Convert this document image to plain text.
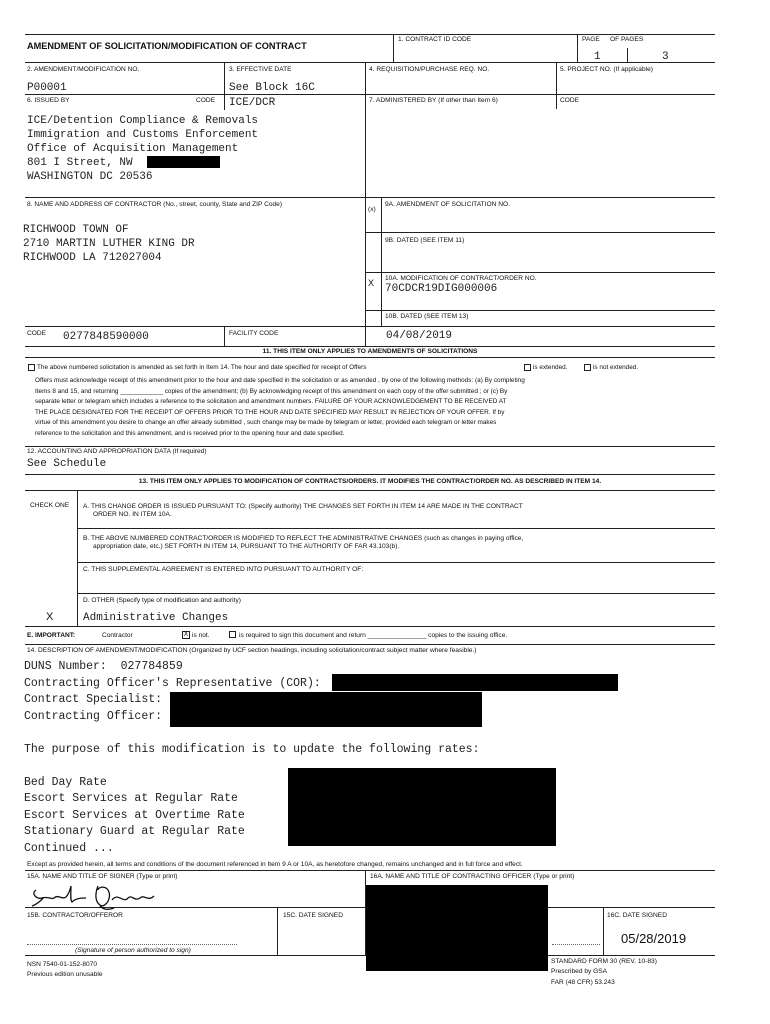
AMENDMENT OF SOLICITATION/MODIFICATION OF CONTRACT
1. CONTRACT ID CODE	PAGE OF PAGES
1	3
2. AMENDMENT/MODIFICATION NO.
P00001
3. EFFECTIVE DATE
See Block 16C
4. REQUISITION/PURCHASE REQ. NO.	5. PROJECT NO. (If applicable)
6. ISSUED BY	CODE ICE/DCR
ICE/Detention Compliance & Removals
Immigration and Customs Enforcement
Office of Acquisition Management
801 I Street, NW
WASHINGTON DC 20536
7. ADMINISTERED BY (If other than Item 6)	CODE
8. NAME AND ADDRESS OF CONTRACTOR (No., street, county, State and ZIP Code)
RICHWOOD TOWN OF
2710 MARTIN LUTHER KING DR
RICHWOOD LA 712027004
CODE 0277848590000	FACILITY CODE
(x)
9A. AMENDMENT OF SOLICITATION NO.
9B. DATED (SEE ITEM 11)
X 10A. MODIFICATION OF CONTRACT/ORDER NO.
70CDCR19DIG000006
10B. DATED (SEE ITEM 13)
04/08/2019
11. THIS ITEM ONLY APPLIES TO AMENDMENTS OF SOLICITATIONS
The above numbered solicitation is amended as set forth in Item 14. The hour and date specified for receipt of Offers	is extended.	is not extended.
Offers must acknowledge receipt of this amendment prior to the hour and date specified in the solicitation or as amended , by one of the following methods: (a) By completing
Items 8 and 15, and returning ____________ copies of the amendment; (b) By acknowledging receipt of this amendment on each copy of the offer submitted ; or (c) By
separate letter or telegram which includes a reference to the solicitation and amendment numbers. FAILURE OF YOUR ACKNOWLEDGEMENT TO BE RECEIVED AT
THE PLACE DESIGNATED FOR THE RECEIPT OF OFFERS PRIOR TO THE HOUR AND DATE SPECIFIED MAY RESULT IN REJECTION OF YOUR OFFER. If by
virtue of this amendment you desire to change an offer already submitted , such change may be made by telegram or letter, provided each telegram or letter makes
reference to the solicitation and this amendment, and is received prior to the opening hour and date specified.
12. ACCOUNTING AND APPROPRIATION DATA (If required)
See Schedule
13. THIS ITEM ONLY APPLIES TO MODIFICATION OF CONTRACTS/ORDERS. IT MODIFIES THE CONTRACT/ORDER NO. AS DESCRIBED IN ITEM 14.
CHECK ONE A. THIS CHANGE ORDER IS ISSUED PURSUANT TO: (Specify authority) THE CHANGES SET FORTH IN ITEM 14 ARE MADE IN THE CONTRACT
ORDER NO. IN ITEM 10A.
B. THE ABOVE NUMBERED CONTRACT/ORDER IS MODIFIED TO REFLECT THE ADMINISTRATIVE CHANGES (such as changes in paying office,
appropriation date, etc.) SET FORTH IN ITEM 14, PURSUANT TO THE AUTHORITY OF FAR 43.103(b).
C. THIS SUPPLEMENTAL AGREEMENT IS ENTERED INTO PURSUANT TO AUTHORITY OF:
D. OTHER (Specify type of modification and authority)
X	Administrative Changes
E. IMPORTANT:	Contractor	X is not.	is required to sign this document and return ________________ copies to the issuing office.
14. DESCRIPTION OF AMENDMENT/MODIFICATION (Organized by UCF section headings, including solicitation/contract subject matter where feasible.)
DUNS Number:  027784859
Contracting Officer's Representative (COR):
Contract Specialist:
Contracting Officer:
The purpose of this modification is to update the following rates:
Bed Day Rate
Escort Services at Regular Rate
Escort Services at Overtime Rate
Stationary Guard at Regular Rate
Continued ...
Except as provided herein, all terms and conditions of the document referenced in Item 9 A or 10A, as heretofore changed, remains unchanged and in full force and effect.
15A. NAME AND TITLE OF SIGNER (Type or print)	16A. NAME AND TITLE OF CONTRACTING OFFICER (Type or print)
15B. CONTRACTOR/OFFEROR	15C. DATE SIGNED	16C. DATE SIGNED
05/28/2019
(Signature of person authorized to sign)
NSN 7540-01-152-8070
Previous edition unusable
STANDARD FORM 30 (REV. 10-83)
Prescribed by GSA
FAR (48 CFR) 53.243
